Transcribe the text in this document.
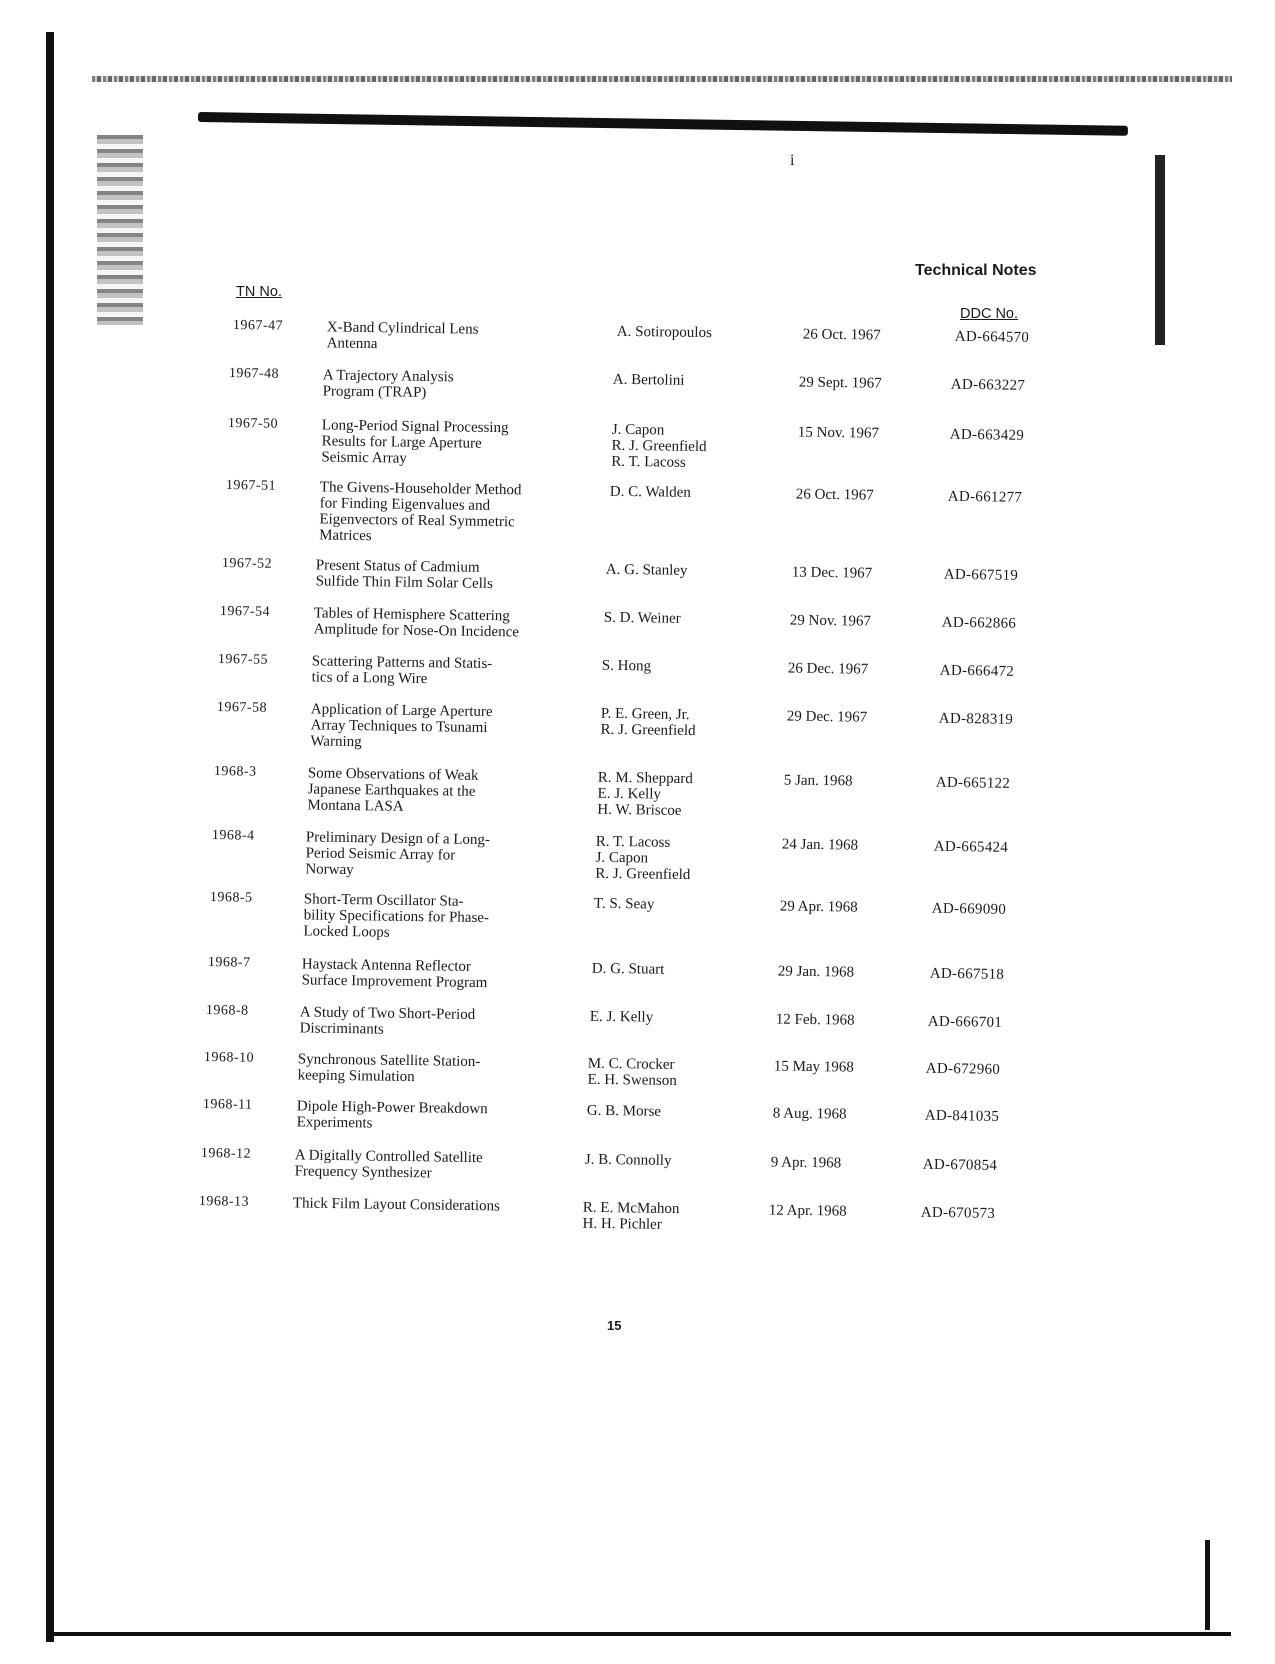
i
Technical Notes
TN No.
DDC No.
1967-47	X-Band Cylindrical Lens
Antenna
A. Sotiropoulos	26 Oct. 1967	AD-664570
1967-48	A Trajectory Analysis
Program (TRAP)
A. Bertolini	29 Sept. 1967	AD-663227
1967-50	Long-Period Signal Processing
Results for Large Aperture
Seismic Array
J. Capon
R. J. Greenfield
R. T. Lacoss
15 Nov. 1967	AD-663429
1967-51	The Givens-Householder Method
for Finding Eigenvalues and
Eigenvectors of Real Symmetric
Matrices
D. C. Walden	26 Oct. 1967	AD-661277
1967-52	Present Status of Cadmium
Sulfide Thin Film Solar Cells
A. G. Stanley	13 Dec. 1967	AD-667519
1967-54	Tables of Hemisphere Scattering
Amplitude for Nose-On Incidence
S. D. Weiner	29 Nov. 1967	AD-662866
1967-55	Scattering Patterns and Statis-
tics of a Long Wire
S. Hong	26 Dec. 1967	AD-666472
1967-58	Application of Large Aperture
Array Techniques to Tsunami
Warning
P. E. Green, Jr.
R. J. Greenfield
29 Dec. 1967	AD-828319
1968-3	Some Observations of Weak
Japanese Earthquakes at the
Montana LASA
R. M. Sheppard
E. J. Kelly
H. W. Briscoe
5 Jan. 1968	AD-665122
1968-4	Preliminary Design of a Long-
Period Seismic Array for
Norway
R. T. Lacoss
J. Capon
R. J. Greenfield
24 Jan. 1968	AD-665424
1968-5	Short-Term Oscillator Sta-
bility Specifications for Phase-
Locked Loops
T. S. Seay	29 Apr. 1968	AD-669090
1968-7	Haystack Antenna Reflector
Surface Improvement Program
D. G. Stuart	29 Jan. 1968	AD-667518
1968-8	A Study of Two Short-Period
Discriminants
E. J. Kelly	12 Feb. 1968	AD-666701
1968-10	Synchronous Satellite Station-
keeping Simulation
M. C. Crocker
E. H. Swenson
15 May 1968	AD-672960
1968-11	Dipole High-Power Breakdown
Experiments
G. B. Morse	8 Aug. 1968	AD-841035
1968-12	A Digitally Controlled Satellite
Frequency Synthesizer
J. B. Connolly	9 Apr. 1968	AD-670854
1968-13	Thick Film Layout Considerations	R. E. McMahon
H. H. Pichler
12 Apr. 1968	AD-670573
15
